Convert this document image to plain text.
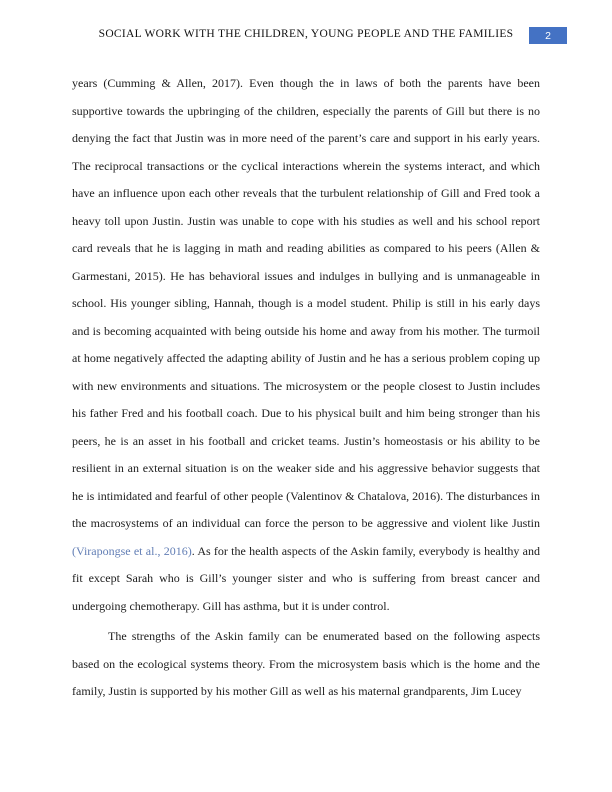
SOCIAL WORK WITH THE CHILDREN, YOUNG PEOPLE AND THE FAMILIES	2

years (Cumming & Allen, 2017). Even though the in laws of both the parents have been supportive towards the upbringing of the children, especially the parents of Gill but there is no denying the fact that Justin was in more need of the parent’s care and support in his early years. The reciprocal transactions or the cyclical interactions wherein the systems interact, and which have an influence upon each other reveals that the turbulent relationship of Gill and Fred took a heavy toll upon Justin. Justin was unable to cope with his studies as well and his school report card reveals that he is lagging in math and reading abilities as compared to his peers (Allen & Garmestani, 2015). He has behavioral issues and indulges in bullying and is unmanageable in school. His younger sibling, Hannah, though is a model student. Philip is still in his early days and is becoming acquainted with being outside his home and away from his mother. The turmoil at home negatively affected the adapting ability of Justin and he has a serious problem coping up with new environments and situations. The microsystem or the people closest to Justin includes his father Fred and his football coach. Due to his physical built and him being stronger than his peers, he is an asset in his football and cricket teams. Justin’s homeostasis or his ability to be resilient in an external situation is on the weaker side and his aggressive behavior suggests that he is intimidated and fearful of other people (Valentinov & Chatalova, 2016). The disturbances in the macrosystems of an individual can force the person to be aggressive and violent like Justin (Virapongse et al., 2016). As for the health aspects of the Askin family, everybody is healthy and fit except Sarah who is Gill’s younger sister and who is suffering from breast cancer and undergoing chemotherapy. Gill has asthma, but it is under control.

The strengths of the Askin family can be enumerated based on the following aspects based on the ecological systems theory. From the microsystem basis which is the home and the family, Justin is supported by his mother Gill as well as his maternal grandparents, Jim Lucey
